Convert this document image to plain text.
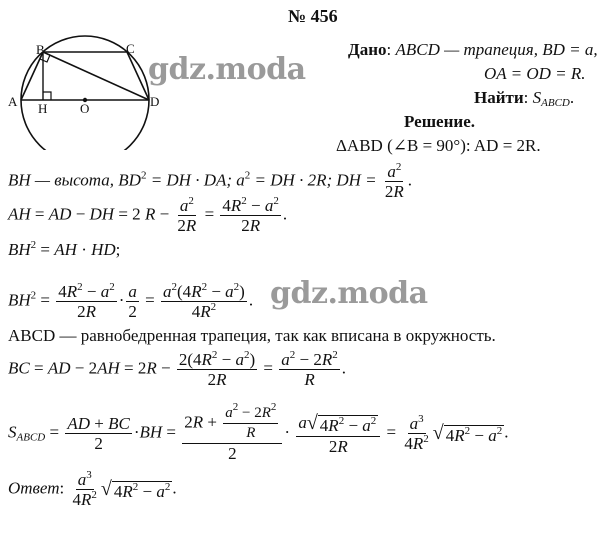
№ 456
B	C
A H	O	D
gdz.moda
gdz.moda
Дано: ABCD — трапеция, BD = a,
OA = OD = R.
Найти: $S_{ABCD}$.
Решение.
ΔABD (∠B = 90°): AD = 2R.
BH — высота, $BD^2$ = DH · DA; $a^2$ = DH · 2R; DH = $\frac{a^2}{2R}$ .
AH = AD − DH = 2 $R - \frac{a^2}{2R} = \frac{4R^2 - a^2}{2R}$ .
$BH^2$ = AH · HD;
$BH^2 = \frac{4R^2 - a^2}{2R} \cdot \frac{a}{2} = \frac{a^2(4R^2 - a^2)}{4R^2}$ .
ABCD — равнобедренная трапеция, так как вписана в окружность.
BC = AD − $2AH = 2R - \frac{2(4R^2 - a^2)}{2R} = \frac{a^2 - 2R^2}{R}$ .
$S_{ABCD} = \frac{AD + BC}{2} \cdot BH = \frac{2R + \frac{a^2 - 2R^2}{R}}{2} \cdot \frac{a √ 4R^2 - a^2}{2R} = \frac{a^3}{4R^2}$ √ $4R^2 - a^2$ .
Ответ: $\frac{a^3}{4R^2}$ √ $4R^2 - a^2$ .
